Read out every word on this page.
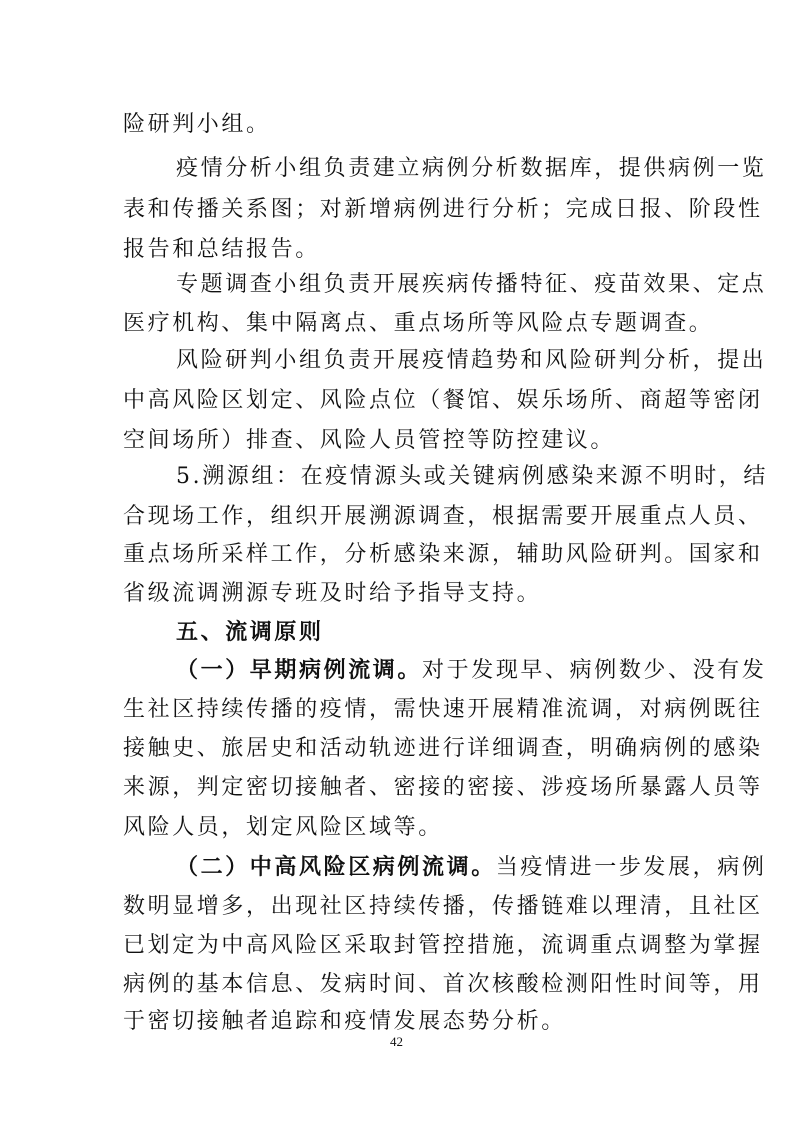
险研判小组。
疫情分析小组负责建立病例分析数据库，提供病例一览
表和传播关系图；对新增病例进行分析；完成日报、阶段性
报告和总结报告。
专题调查小组负责开展疾病传播特征、疫苗效果、定点
医疗机构、集中隔离点、重点场所等风险点专题调查。
风险研判小组负责开展疫情趋势和风险研判分析，提出
中高风险区划定、风险点位（餐馆、娱乐场所、商超等密闭
空间场所）排查、风险人员管控等防控建议。
5.溯源组：在疫情源头或关键病例感染来源不明时，结
合现场工作，组织开展溯源调查，根据需要开展重点人员、
重点场所采样工作，分析感染来源，辅助风险研判。国家和
省级流调溯源专班及时给予指导支持。
五、流调原则
（一）早期病例流调。对于发现早、病例数少、没有发
生社区持续传播的疫情，需快速开展精准流调，对病例既往
接触史、旅居史和活动轨迹进行详细调查，明确病例的感染
来源，判定密切接触者、密接的密接、涉疫场所暴露人员等
风险人员，划定风险区域等。
（二）中高风险区病例流调。当疫情进一步发展，病例
数明显增多，出现社区持续传播，传播链难以理清，且社区
已划定为中高风险区采取封管控措施，流调重点调整为掌握
病例的基本信息、发病时间、首次核酸检测阳性时间等，用
于密切接触者追踪和疫情发展态势分析。
42
